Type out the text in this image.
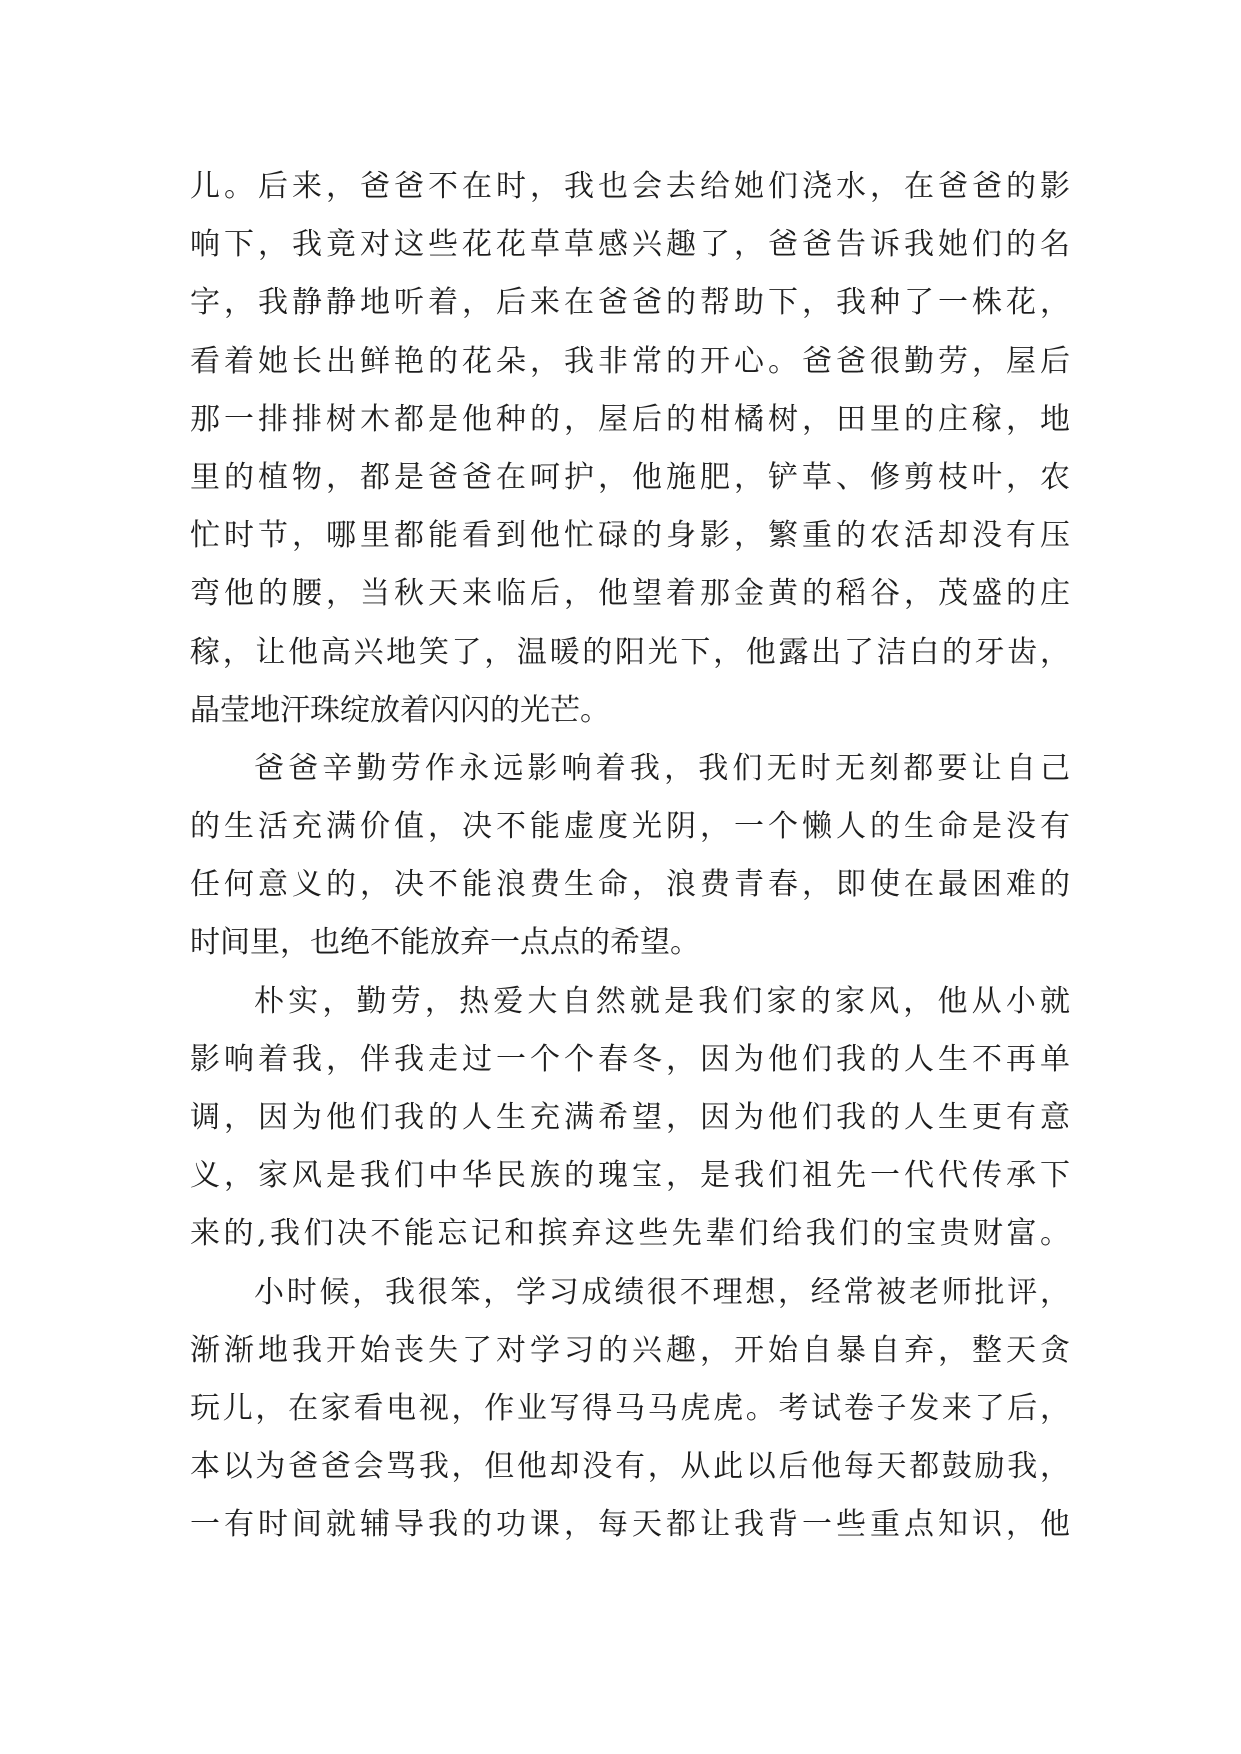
儿。后来，爸爸不在时，我也会去给她们浇水，在爸爸的影
响下，我竟对这些花花草草感兴趣了，爸爸告诉我她们的名
字，我静静地听着，后来在爸爸的帮助下，我种了一株花，
看着她长出鲜艳的花朵，我非常的开心。爸爸很勤劳，屋后
那一排排树木都是他种的，屋后的柑橘树，田里的庄稼，地
里的植物，都是爸爸在呵护，他施肥，铲草、修剪枝叶，农
忙时节，哪里都能看到他忙碌的身影，繁重的农活却没有压
弯他的腰，当秋天来临后，他望着那金黄的稻谷，茂盛的庄
稼，让他高兴地笑了，温暖的阳光下，他露出了洁白的牙齿，
晶莹地汗珠绽放着闪闪的光芒。
爸爸辛勤劳作永远影响着我，我们无时无刻都要让自己
的生活充满价值，决不能虚度光阴，一个懒人的生命是没有
任何意义的，决不能浪费生命，浪费青春，即使在最困难的
时间里，也绝不能放弃一点点的希望。
朴实，勤劳，热爱大自然就是我们家的家风，他从小就
影响着我，伴我走过一个个春冬，因为他们我的人生不再单
调，因为他们我的人生充满希望，因为他们我的人生更有意
义，家风是我们中华民族的瑰宝，是我们祖先一代代传承下
来的,我们决不能忘记和摈弃这些先辈们给我们的宝贵财富。
小时候，我很笨，学习成绩很不理想，经常被老师批评，
渐渐地我开始丧失了对学习的兴趣，开始自暴自弃，整天贪
玩儿，在家看电视，作业写得马马虎虎。考试卷子发来了后，
本以为爸爸会骂我，但他却没有，从此以后他每天都鼓励我，
一有时间就辅导我的功课，每天都让我背一些重点知识，他
